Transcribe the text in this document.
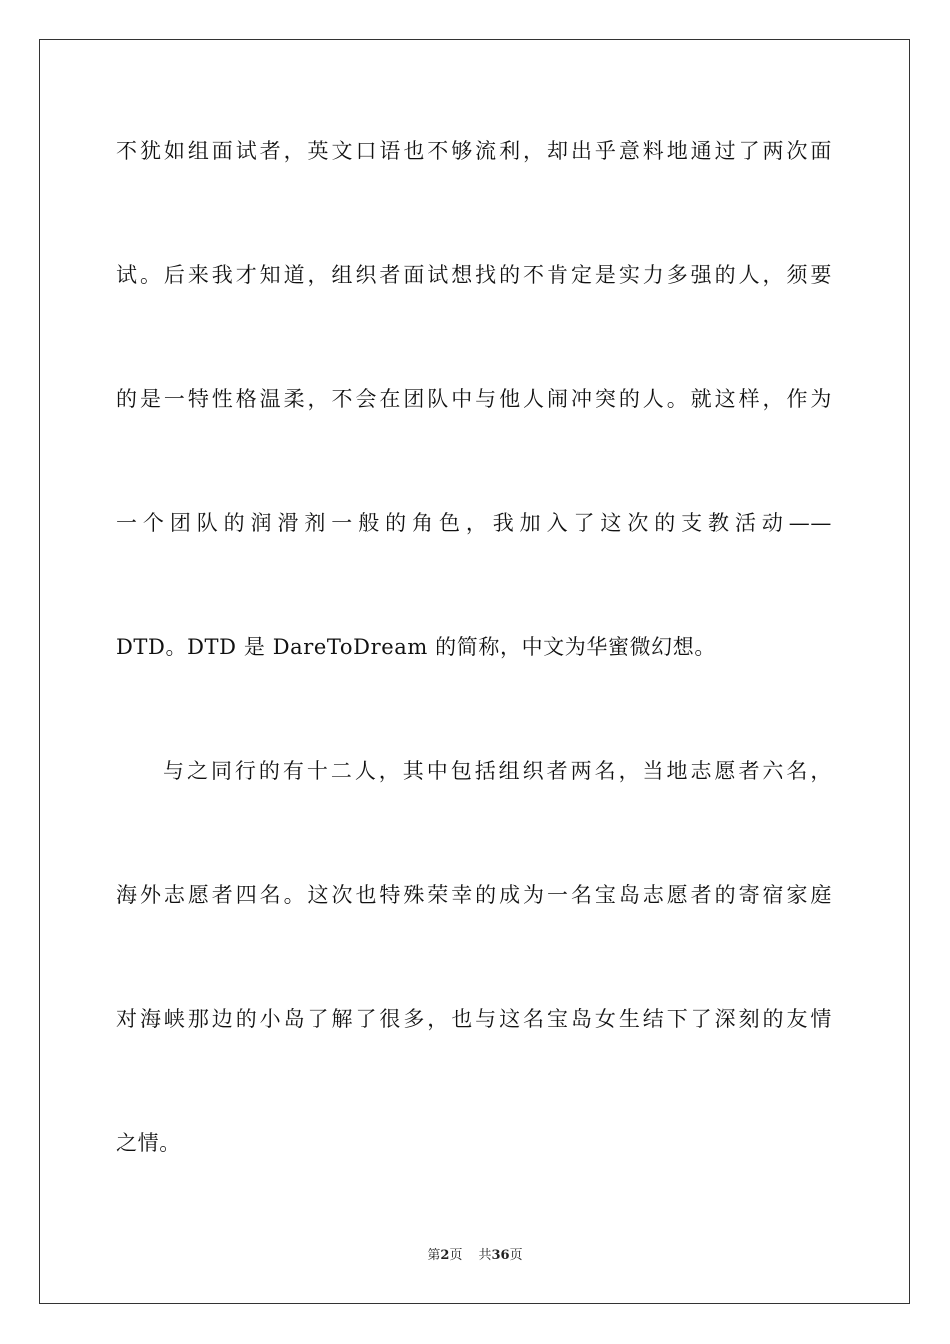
不犹如组面试者，英文口语也不够流利，却出乎意料地通过了两次面
试。后来我才知道，组织者面试想找的不肯定是实力多强的人，须要
的是一特性格温柔，不会在团队中与他人闹冲突的人。就这样，作为
一个团队的润滑剂一般的角色，我加入了这次的支教活动——
DTD。DTD 是 DareToDream 的简称，中文为华蜜微幻想。
与之同行的有十二人，其中包括组织者两名，当地志愿者六名，
海外志愿者四名。这次也特殊荣幸的成为一名宝岛志愿者的寄宿家庭
对海峡那边的小岛了解了很多，也与这名宝岛女生结下了深刻的友情
之情。
第2页 共36页
